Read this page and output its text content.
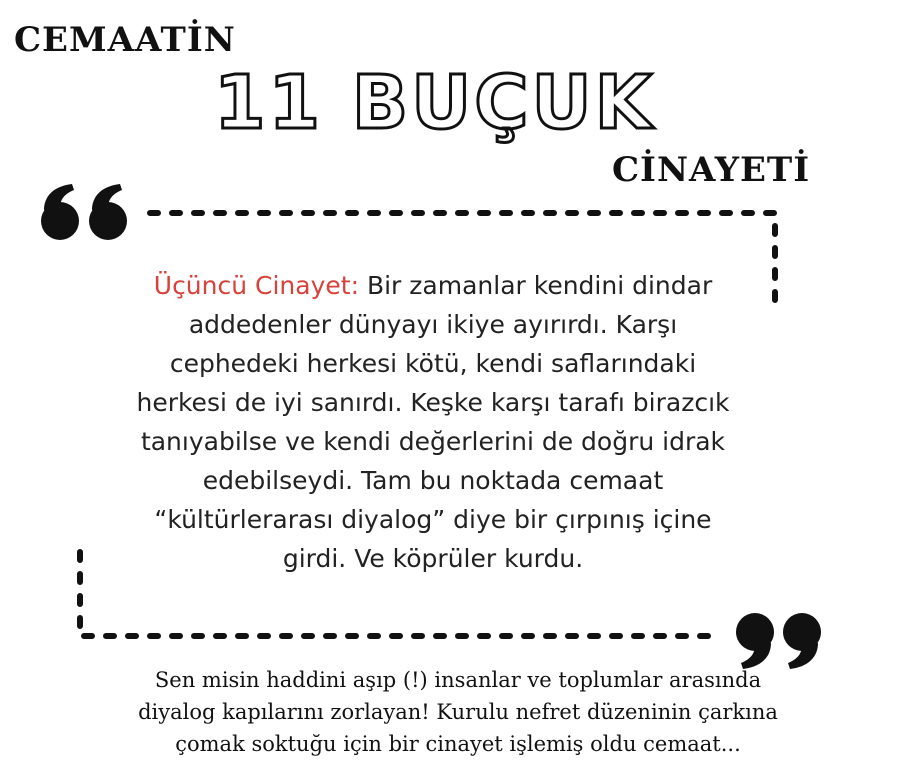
CEMAATİN
11 BUÇUK
CİNAYETİ
Üçüncü Cinayet: Bir zamanlar kendini dindar
addedenler dünyayı ikiye ayırırdı. Karşı
cephedeki herkesi kötü, kendi saflarındaki
herkesi de iyi sanırdı. Keşke karşı tarafı birazcık
tanıyabilse ve kendi değerlerini de doğru idrak
edebilseydi. Tam bu noktada cemaat
“kültürlerarası diyalog” diye bir çırpınış içine
girdi. Ve köprüler kurdu.
Sen misin haddini aşıp (!) insanlar ve toplumlar arasında
diyalog kapılarını zorlayan! Kurulu nefret düzeninin çarkına
çomak soktuğu için bir cinayet işlemiş oldu cemaat...
